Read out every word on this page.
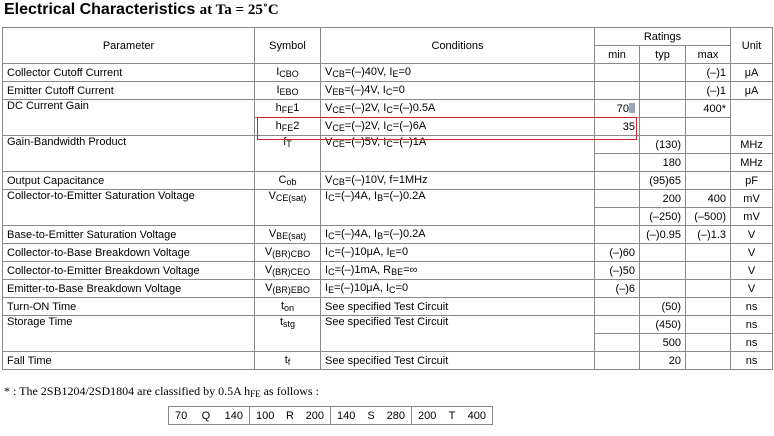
Electrical Characteristics at Ta = 25˚C
Parameter	Symbol	Conditions	Ratings			Unit
			min	typ	max	
Collector Cutoff Current	$I_{CBO}$	$V_{CB}=(-)40V$, $I_E=0$			(–)1	μA
Emitter Cutoff Current	$I_{EBO}$	$V_{EB}=(-)4V$, $I_C=0$			(–)1	μA
DC Current Gain	$h_{FE}1$	$V_{CE}=(-)2V$, $I_C=(-)0.5A$	70		400*	
	$h_{FE}2$	$V_{CE}=(-)2V$, $I_C=(-)6A$	35			
Gain-Bandwidth Product	$f_T$	$V_{CE}=(-)5V$, $I_C=(-)1A$		(130)		MHz
				180		MHz
Output Capacitance	$C_{ob}$	$V_{CB}=(-)10V$, f=1MHz		(95)65		pF
Collector-to-Emitter Saturation Voltage	$V_{CE(sat)}$	$I_C=(-)4A$, $I_B=(-)0.2A$		200	400	mV
				(–250)	(–500)	mV
Base-to-Emitter Saturation Voltage	$V_{BE(sat)}$	$I_C=(-)4A$, $I_B=(-)0.2A$		(–)0.95	(–)1.3	V
Collector-to-Base Breakdown Voltage	$V_{(BR)CBO}$	$I_C=(-)10\mu A$, $I_E=0$	(–)60			V
Collector-to-Emitter Breakdown Voltage	$V_{(BR)CEO}$	$I_C=(-)1mA$, $R_{BE}=\infty$	(–)50			V
Emitter-to-Base Breakdown Voltage	$V_{(BR)EBO}$	$I_E=(-)10\mu A$, $I_C=0$	(–)6			V
Turn-ON Time	$t_{on}$	See specified Test Circuit		(50)		ns
Storage Time	$t_{stg}$	See specified Test Circuit		(450)		ns
				500		ns
Fall Time	$t_f$	See specified Test Circuit		20		ns
* : The 2SB1204/2SD1804 are classified by 0.5A $h_{FE}$ as follows :
70 Q 140	100 R 200	140 S 280	200 T 400
